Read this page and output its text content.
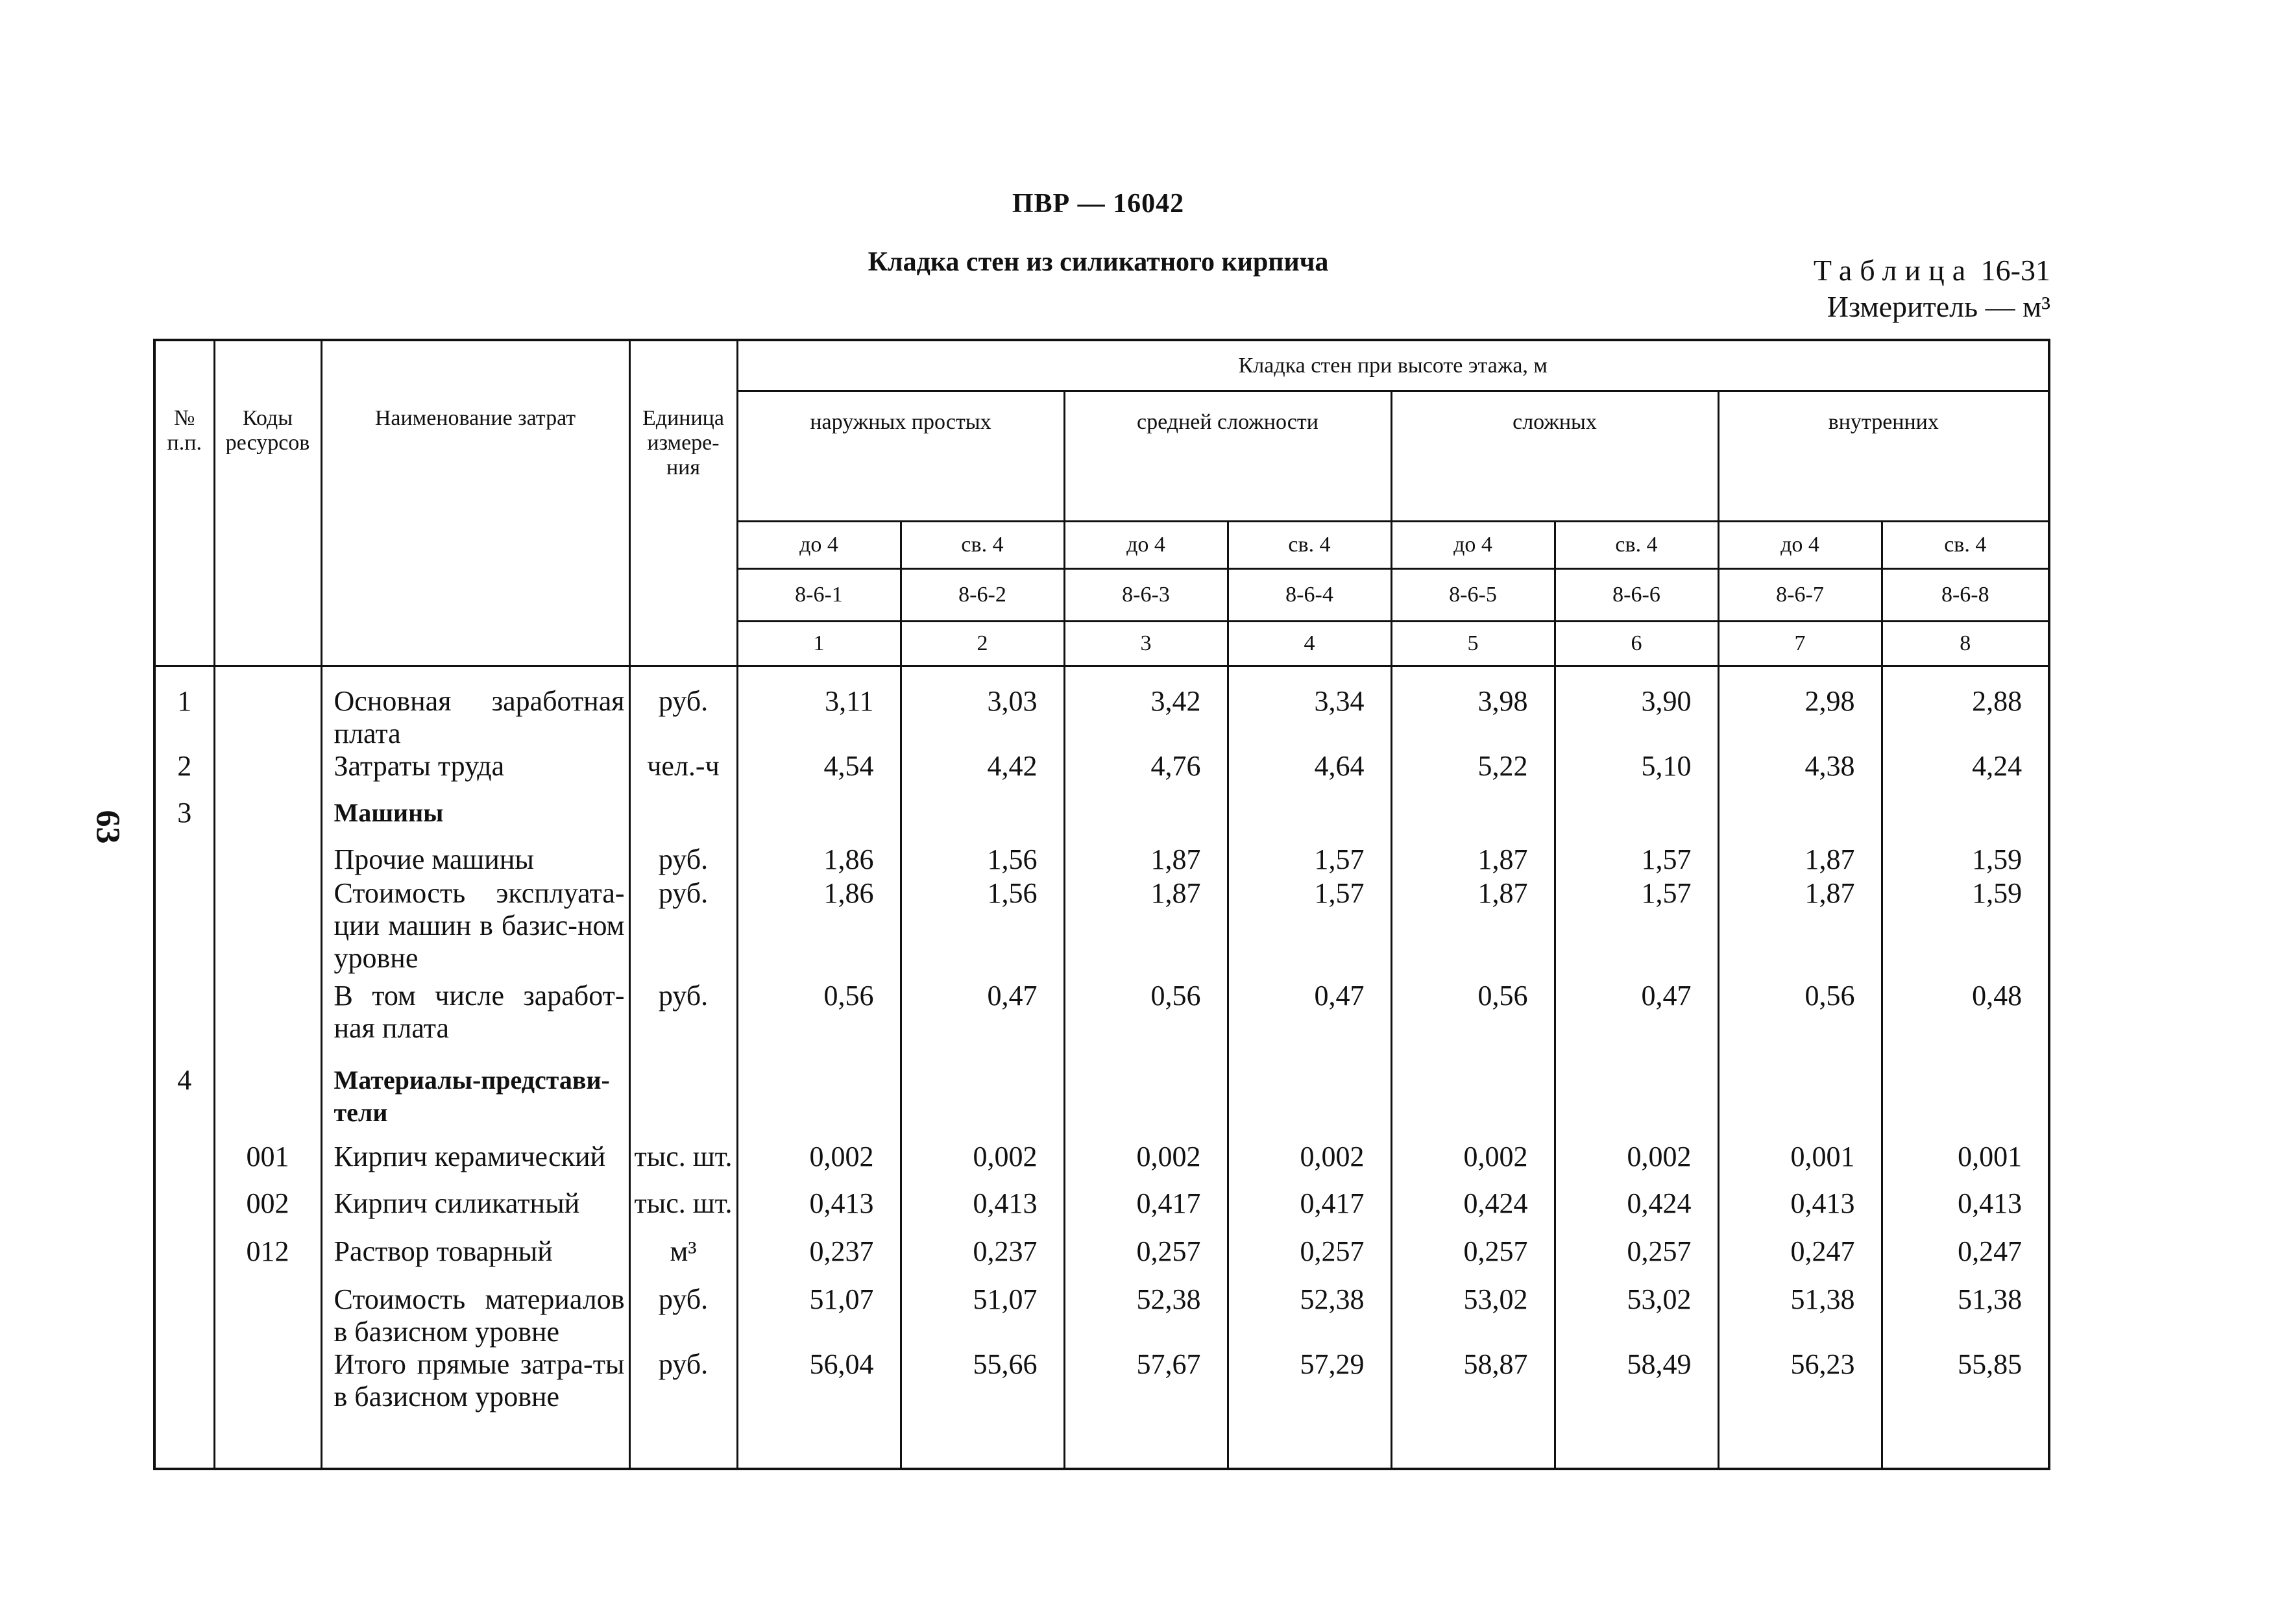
ПВР — 16042
Кладка стен из силикатного кирпича	Таблица 16-31
Измеритель — м³
63
№ п.п.	Коды ресурсов	Наименование затрат	Единица измере-ния	Кладка стен при высоте этажа, м							
				наружных простых		средней сложности		сложных		внутренних	
				до 4	св. 4	до 4	св. 4	до 4	св. 4	до 4	св. 4
				8-6-1	8-6-2	8-6-3	8-6-4	8-6-5	8-6-6	8-6-7	8-6-8
				1	2	3	4	5	6	7	8
1		Основная заработная плата	руб.	3,11	3,03	3,42	3,34	3,98	3,90	2,98	2,88
2		Затраты труда	чел.-ч	4,54	4,42	4,76	4,64	5,22	5,10	4,38	4,24
3		Машины									
		Прочие машины	руб.	1,86	1,56	1,87	1,57	1,87	1,57	1,87	1,59
		Стоимость эксплуата-ции машин в базис-ном уровне	руб.	1,86	1,56	1,87	1,57	1,87	1,57	1,87	1,59
		В том числе заработ-ная плата	руб.	0,56	0,47	0,56	0,47	0,56	0,47	0,56	0,48
4		Материалы-представи-тели									
	001	Кирпич керамический	тыс. шт.	0,002	0,002	0,002	0,002	0,002	0,002	0,001	0,001
	002	Кирпич силикатный	тыс. шт.	0,413	0,413	0,417	0,417	0,424	0,424	0,413	0,413
	012	Раствор товарный	м³	0,237	0,237	0,257	0,257	0,257	0,257	0,247	0,247
		Стоимость материалов в базисном уровне	руб.	51,07	51,07	52,38	52,38	53,02	53,02	51,38	51,38
		Итого прямые затра-ты в базисном уровне	руб.	56,04	55,66	57,67	57,29	58,87	58,49	56,23	55,85
